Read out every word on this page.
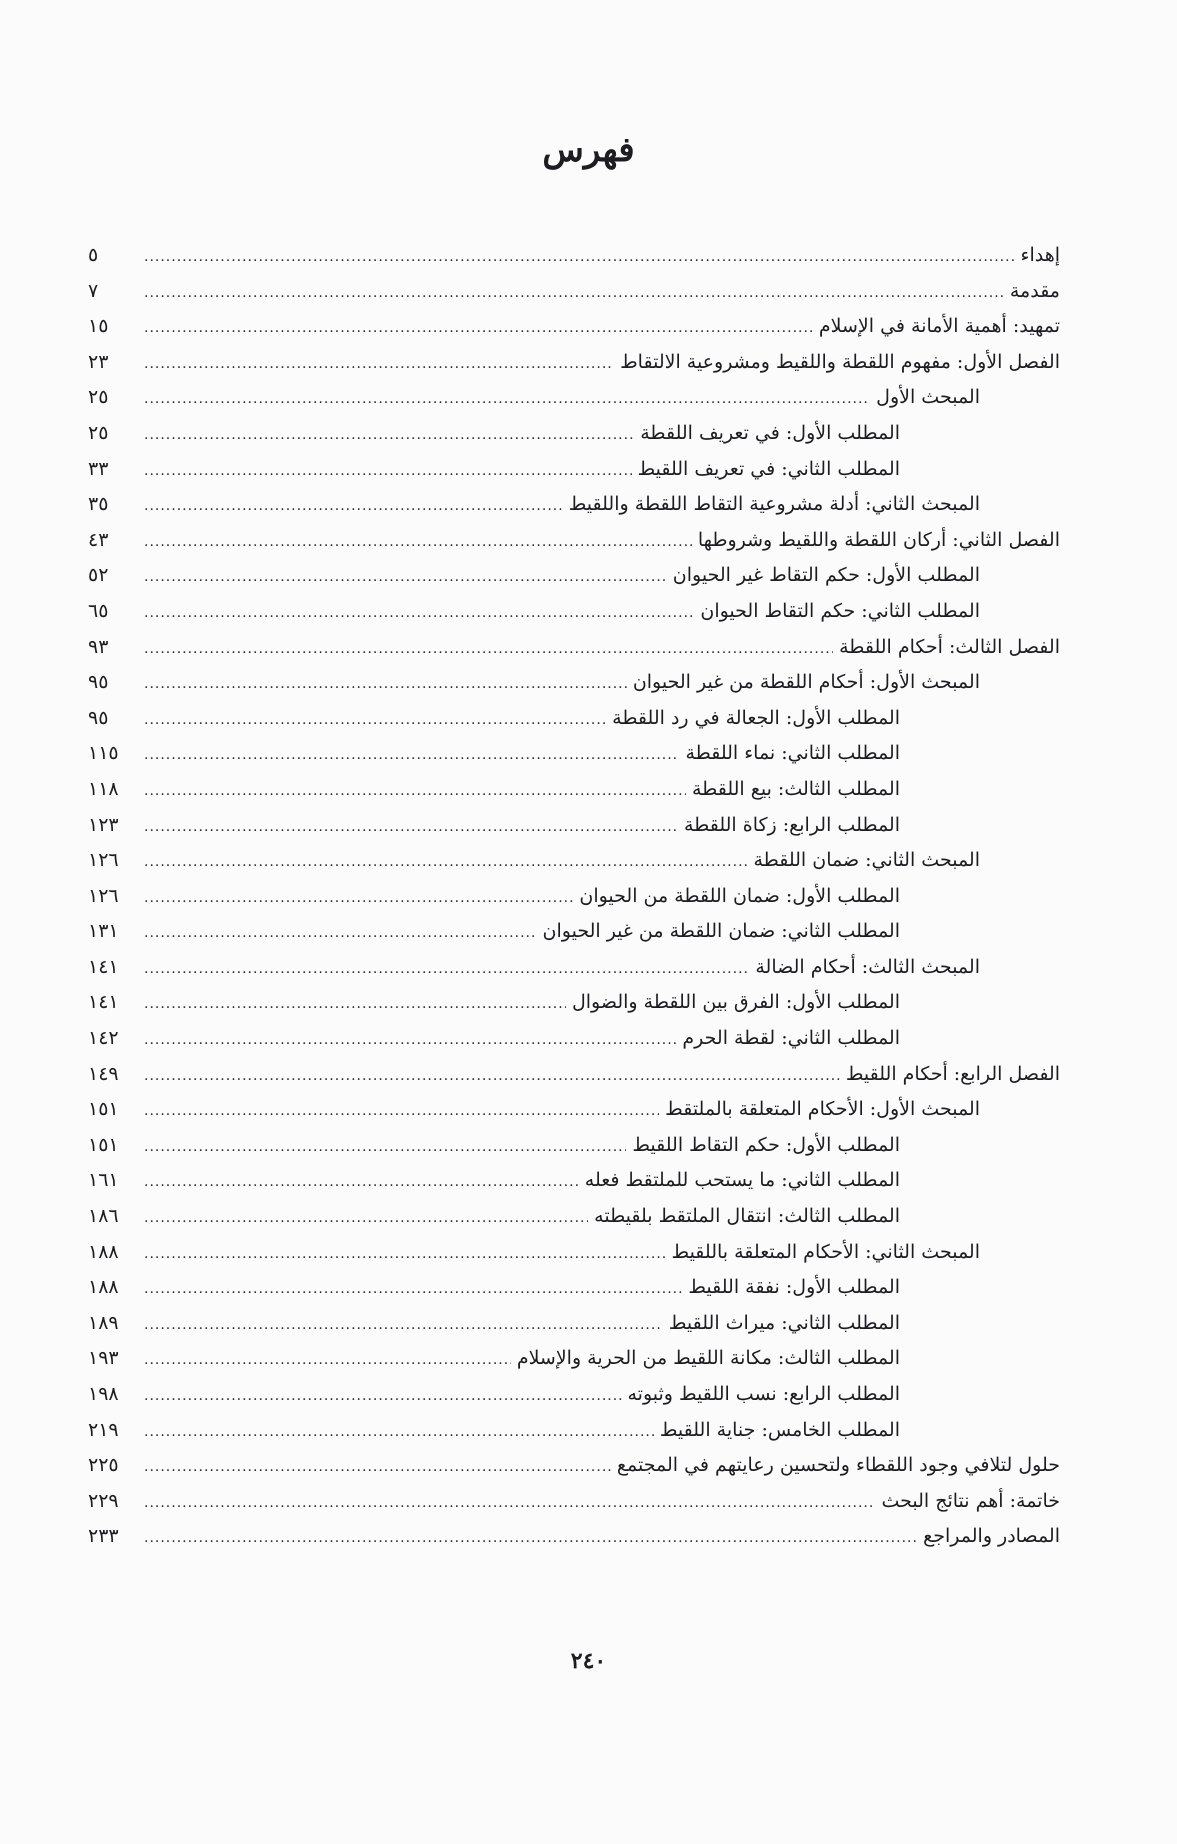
فهرس
إهداء
.....
٥
مقدمة
.....
٧
تمهيد: أهمية الأمانة في الإسلام
.....
١٥
الفصل الأول: مفهوم اللقطة واللقيط ومشروعية الالتقاط
.....
٢٣
المبحث الأول
.....
٢٥
المطلب الأول: في تعريف اللقطة
.....
٢٥
المطلب الثاني: في تعريف اللقيط
.....
٣٣
المبحث الثاني: أدلة مشروعية التقاط اللقطة واللقيط
.....
٣٥
الفصل الثاني: أركان اللقطة واللقيط وشروطها
.....
٤٣
المطلب الأول: حكم التقاط غير الحيوان
.....
٥٢
المطلب الثاني: حكم التقاط الحيوان
.....
٦٥
الفصل الثالث: أحكام اللقطة
.....
٩٣
المبحث الأول: أحكام اللقطة من غير الحيوان
.....
٩٥
المطلب الأول: الجعالة في رد اللقطة
.....
٩٥
المطلب الثاني: نماء اللقطة
.....
١١٥
المطلب الثالث: بيع اللقطة
.....
١١٨
المطلب الرابع: زكاة اللقطة
.....
١٢٣
المبحث الثاني: ضمان اللقطة
.....
١٢٦
المطلب الأول: ضمان اللقطة من الحيوان
.....
١٢٦
المطلب الثاني: ضمان اللقطة من غير الحيوان
.....
١٣١
المبحث الثالث: أحكام الضالة
.....
١٤١
المطلب الأول: الفرق بين اللقطة والضوال
.....
١٤١
المطلب الثاني: لقطة الحرم
.....
١٤٢
الفصل الرابع: أحكام اللقيط
.....
١٤٩
المبحث الأول: الأحكام المتعلقة بالملتقط
.....
١٥١
المطلب الأول: حكم التقاط اللقيط
.....
١٥١
المطلب الثاني: ما يستحب للملتقط فعله
.....
١٦١
المطلب الثالث: انتقال الملتقط بلقيطته
.....
١٨٦
المبحث الثاني: الأحكام المتعلقة باللقيط
.....
١٨٨
المطلب الأول: نفقة اللقيط
.....
١٨٨
المطلب الثاني: ميراث اللقيط
.....
١٨٩
المطلب الثالث: مكانة اللقيط من الحرية والإسلام
.....
١٩٣
المطلب الرابع: نسب اللقيط وثبوته
.....
١٩٨
المطلب الخامس: جناية اللقيط
.....
٢١٩
حلول لتلافي وجود اللقطاء ولتحسين رعايتهم في المجتمع
.....
٢٢٥
خاتمة: أهم نتائج البحث
.....
٢٢٩
المصادر والمراجع
.....
٢٣٣
٢٤٠
